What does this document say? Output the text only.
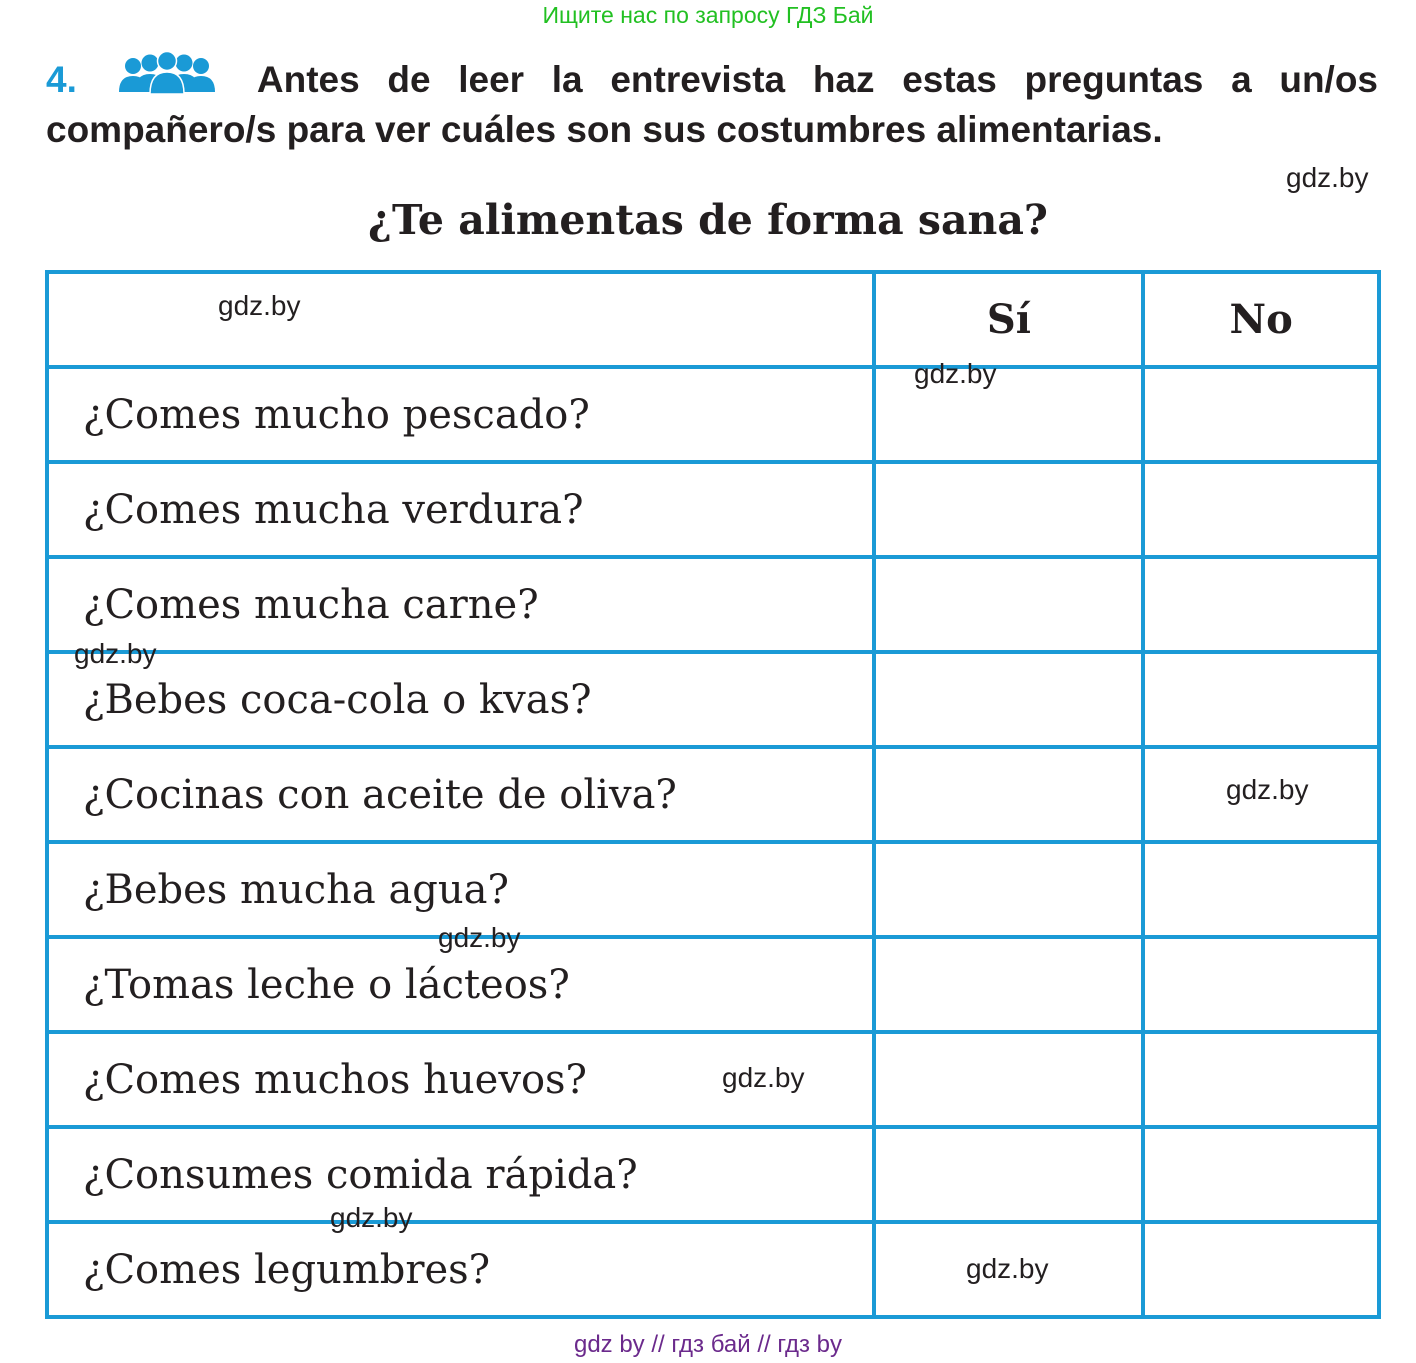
Ищите нас по запросу ГДЗ Бай
4.	Antes de leer la entrevista haz estas preguntas a un/os compañero/s para ver cuáles son sus costumbres alimentarias.
gdz.by
¿Te alimentas de forma sana?
	Sí	No
¿Comes mucho pescado?		
¿Comes mucha verdura?		
¿Comes mucha carne?		
¿Bebes coca-cola o kvas?		
¿Cocinas con aceite de oliva?		
¿Bebes mucha agua?		
¿Tomas leche o lácteos?		
¿Comes muchos huevos?		
¿Consumes comida rápida?		
¿Comes legumbres?		
gdz.by
gdz.by
gdz.by
gdz.by
gdz.by
gdz.by
gdz.by
gdz.by
gdz by // гдз бай // гдз by
